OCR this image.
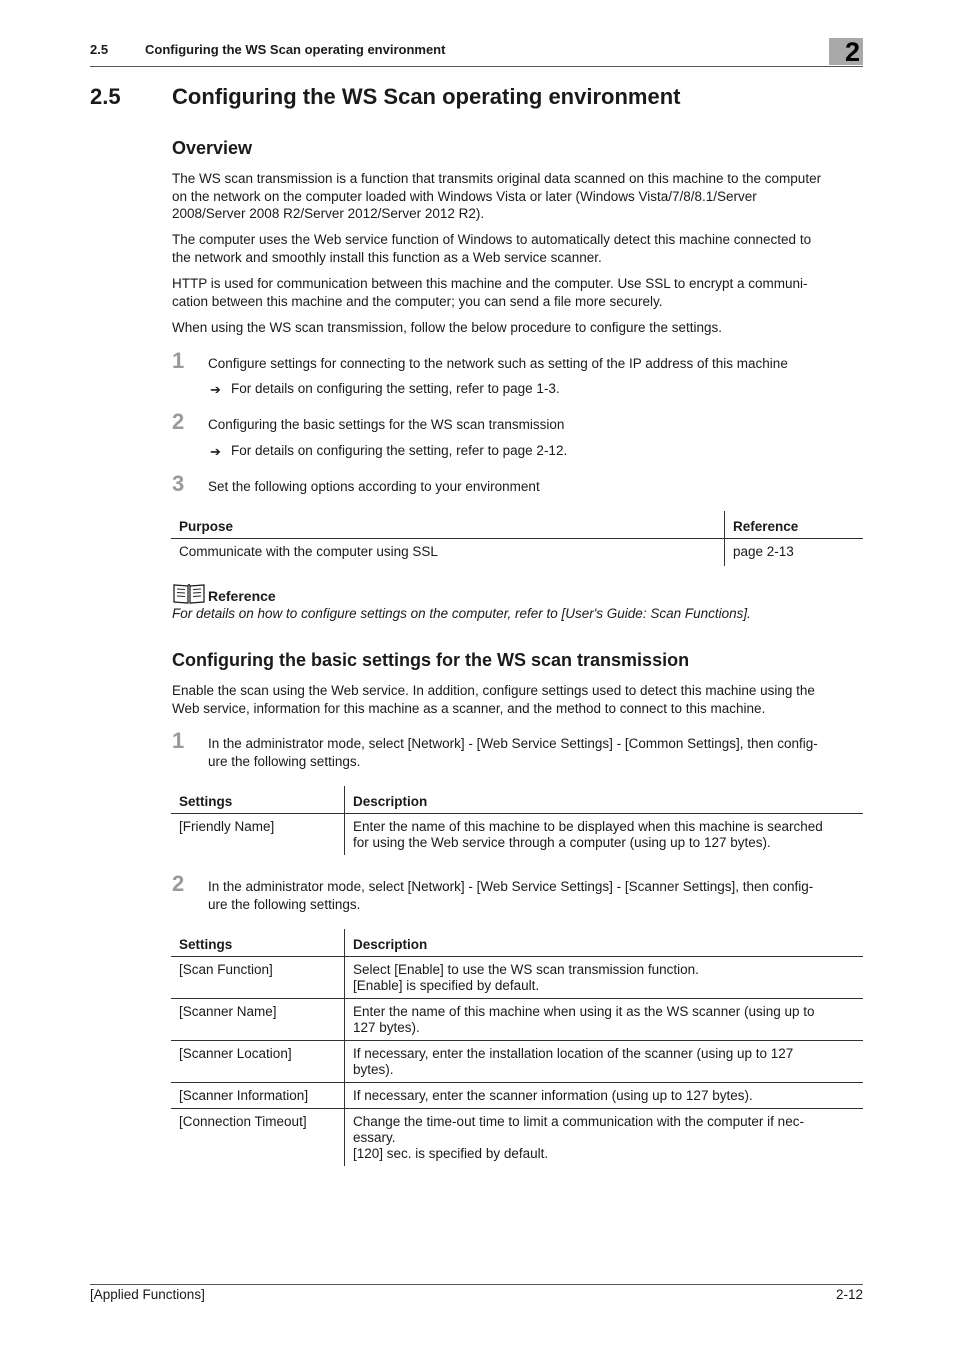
2.5	Configuring the WS Scan operating environment	2
2.5 Configuring the WS Scan operating environment
Overview
The WS scan transmission is a function that transmits original data scanned on this machine to the computer
on the network on the computer loaded with Windows Vista or later (Windows Vista/7/8/8.1/Server
2008/Server 2008 R2/Server 2012/Server 2012 R2).
The computer uses the Web service function of Windows to automatically detect this machine connected to
the network and smoothly install this function as a Web service scanner.
HTTP is used for communication between this machine and the computer. Use SSL to encrypt a communi-
cation between this machine and the computer; you can send a file more securely.
When using the WS scan transmission, follow the below procedure to configure the settings.
1 Configure settings for connecting to the network such as setting of the IP address of this machine
➔ For details on configuring the setting, refer to page 1-3.
2 Configuring the basic settings for the WS scan transmission
➔ For details on configuring the setting, refer to page 2-12.
3 Set the following options according to your environment
Purpose	Reference
Communicate with the computer using SSL	page 2-13
Reference
For details on how to configure settings on the computer, refer to [User's Guide: Scan Functions].
Configuring the basic settings for the WS scan transmission
Enable the scan using the Web service. In addition, configure settings used to detect this machine using the
Web service, information for this machine as a scanner, and the method to connect to this machine.
1 In the administrator mode, select [Network] - [Web Service Settings] - [Common Settings], then config-
ure the following settings.
Settings	Description
[Friendly Name]	Enter the name of this machine to be displayed when this machine is searched
for using the Web service through a computer (using up to 127 bytes).
2 In the administrator mode, select [Network] - [Web Service Settings] - [Scanner Settings], then config-
ure the following settings.
Settings	Description
[Scan Function]	Select [Enable] to use the WS scan transmission function.
[Enable] is specified by default.

[Scanner Name]	Enter the name of this machine when using it as the WS scanner (using up to
127 bytes).

[Scanner Location]	If necessary, enter the installation location of the scanner (using up to 127
bytes).

[Scanner Information]	If necessary, enter the scanner information (using up to 127 bytes).

[Connection Timeout]	Change the time-out time to limit a communication with the computer if nec-
essary.
[120] sec. is specified by default.
[Applied Functions]	2-12
